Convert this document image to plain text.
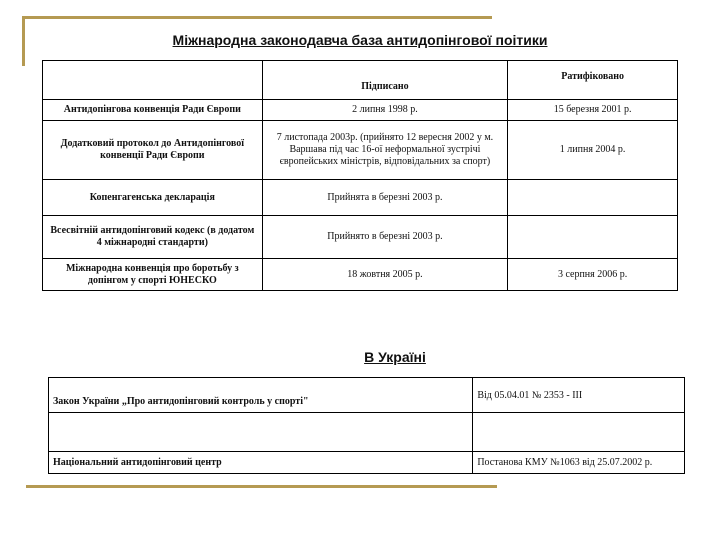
Міжнародна законодавча база антидопінгової поітики
	Підписано	Ратифіковано
Антидопінгова конвенція Ради Європи	2 липня 1998 р.	15 березня 2001 р.
Додатковий протокол до Антидопінгової конвенції Ради Європи	7 листопада 2003р. (прийнято 12 вересня 2002 у м. Варшава під час 16-ої неформальної зустрічі європейських міністрів, відповідальних за спорт)	1 липня 2004 р.
Копенгагенська декларація	Прийнята в березні 2003 р.	
Всесвітній антидопінговий кодекс (в додатом 4 міжнародні стандарти)	Прийнято в березні 2003 р.	
Міжнародна конвенція про боротьбу з допінгом у спорті ЮНЕСКО	18 жовтня 2005 р.	3 серпня 2006 р.
В Україні
Закон України „Про антидопінговий контроль у спорті"	Від 05.04.01 № 2353 - ІІІ

Національний антидопінговий центр	Постанова КМУ №1063 від 25.07.2002 р.
